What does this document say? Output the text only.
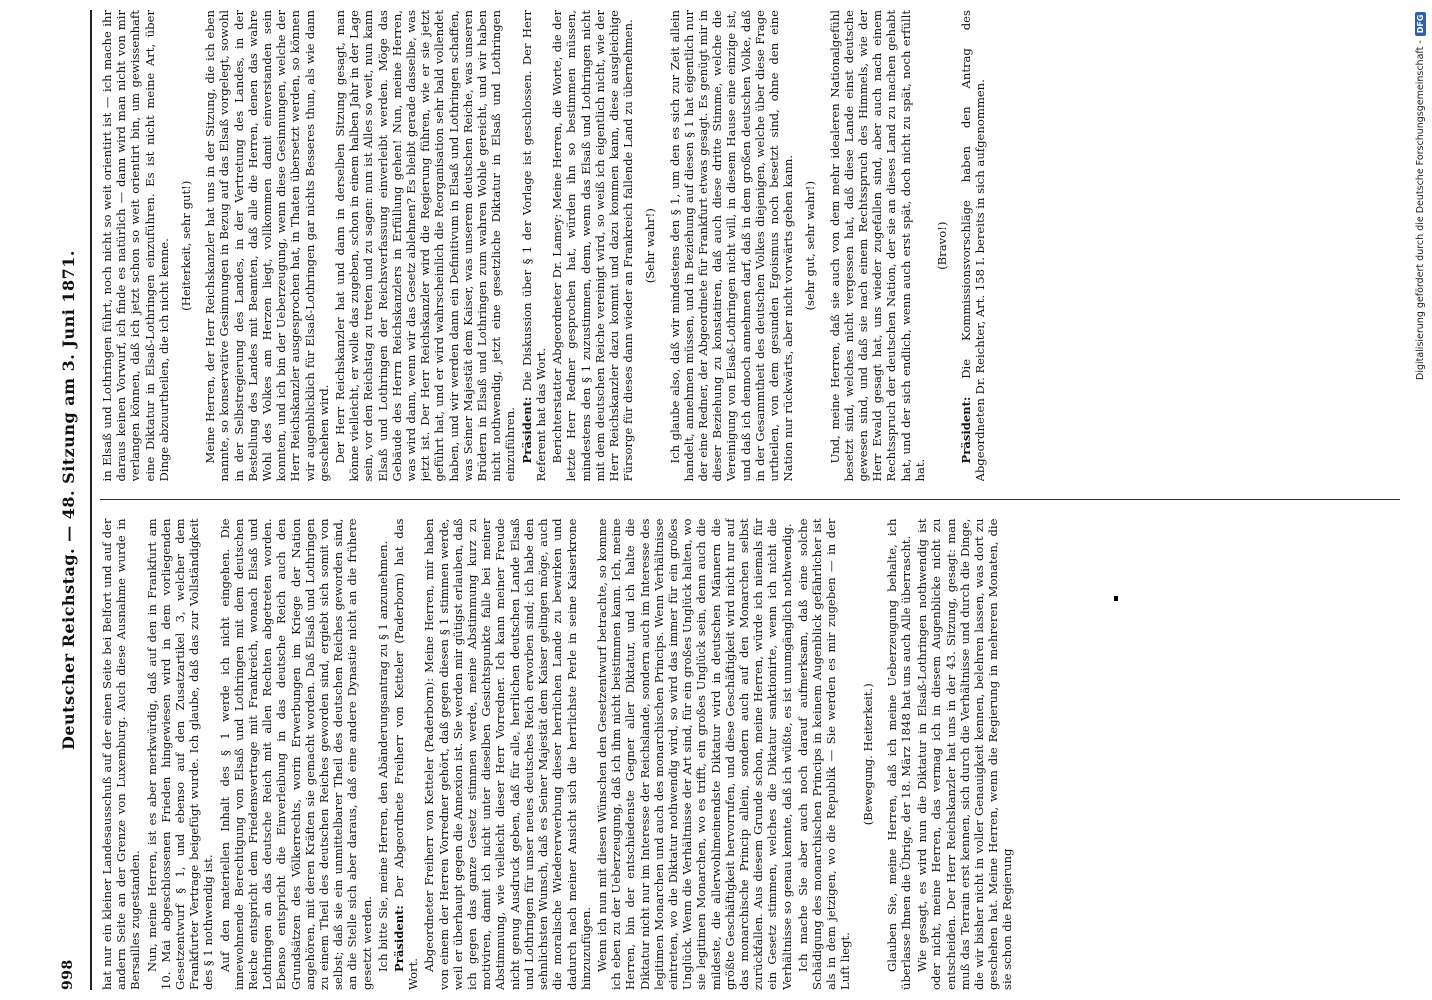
998
Deutscher Reichstag. — 48. Sitzung am 3. Juni 1871.

hat nur ein kleiner Landesausschuß auf der einen Seite bei Belfort und auf der andern Seite an der Grenze von Luxemburg. Auch diese Ausnahme wurde in Bersailles zugestanden. Nun, meine Herren, ist es aber merkwürdig, daß auf den in Frankfurt am 10. Mai abgeschlossenen Frieden hingewiesen wird in dem vorliegenden Gesetzentwurf § 1, und ebenso auf den Zusatzartikel 3, welcher dem Frankfurter Vertrage beigefügt wurde. Ich glaube, daß das zur Vollständigkeit des § 1 nothwendig ist. Auf den materiellen Inhalt des § 1 werde ich nicht eingehen. Die innewohnende Berechtigung von Elsaß und Lothringen mit dem deutschen Reiche entspricht dem Friedensvertrage mit Frankreich, wonach Elsaß und Lothringen an das deutsche Reich mit allen Rechten abgetreten worden. Ebenso entspricht die Einverleibung in das deutsche Reich auch den Grundsätzen des Völkerrechts, worin Erwerbungen im Kriege der Nation angehören, mit deren Kräften sie gemacht worden. Daß Elsaß und Lothringen zu einem Theil des deutschen Reiches geworden sind, ergiebt sich somit von selbst; daß sie ein unmittelbarer Theil des deutschen Reiches geworden sind, an die Stelle sich aber daraus, daß eine andere Dynastie nicht an die frühere gesetzt werden. Ich bitte Sie, meine Herren, den Abänderungsantrag zu § 1 anzunehmen. Präsident: Der Abgeordnete Freiherr von Ketteler (Paderborn) hat das Wort.

Abgeordneter Freiherr von Ketteler (Paderborn): Meine Herren, mir haben von einem der Herren Vorredner gehört, daß gegen diesen § 1 stimmen werde, weil er überhaupt gegen die Annexion ist. Sie werden mir gütigst erlauben, daß ich gegen das ganze Gesetz stimmen werde, meine Abstimmung kurz zu motiviren, damit ich nicht unter dieselben Gesichtspunkte falle bei meiner Abstimmung, wie vielleicht dieser Herr Vorredner. Ich kann meiner Freude nicht genug Ausdruck geben, daß für alle, herrlichen deutschen Lande Elsaß und Lothringen für unser neues deutsches Reich erworben sind; ich habe den sehnlichsten Wunsch, daß es Seiner Majestät dem Kaiser gelingen möge, auch die moralische Wiedererwerbung dieser herrlichen Lande zu bewirken und dadurch nach meiner Ansicht sich die herrlichste Perle in seine Kaiserkrone hinzuzufügen. Wenn ich nun mit diesen Wünschen den Gesetzentwurf betrachte, so komme ich eben zu der Ueberzeugung, daß ich ihm nicht beistimmen kann. Ich, meine Herren, bin der entschiedenste Gegner aller Diktatur, und ich halte die Diktatur nicht nur im Interesse der Reichslande, sondern auch im Interesse des legitimen Monarchen und auch des monarchischen Princips. Wenn Verhältnisse eintreten, wo die Diktatur nothwendig wird, so wird das immer für ein großes Unglück. Wenn die Verhältnisse der Art sind, für ein großes Unglück halten, wo sie legitimen Monarchen, wo es trifft, ein großes Unglück sein, denn auch die mildeste, die allerwohlmeinendste Diktatur wird in deutschen Männern die größte Geschäftigkeit hervorrufen, und diese Geschäftigkeit wird nicht nur auf das monarchische Princip allein, sondern auch auf den Monarchen selbst zurückfallen. Aus diesem Grunde schon, meine Herren, würde ich niemals für ein Gesetz stimmen, welches die Diktatur sanktionirte, wenn ich nicht die Verhältnisse so genau kennte, daß ich wüßte, es ist unumgänglich nothwendig. Ich mache Sie aber auch noch darauf aufmerksam, daß eine solche Schädigung des monarchischen Princips in keinem Augenblick gefährlicher ist als in dem jetzigen, wo die Republik — Sie werden es mir zugeben — in der Luft liegt.

(Bewegung. Heiterkeit.) Glauben Sie, meine Herren, daß ich meine Ueberzeugung behalte, ich überlasse Ihnen die Übrige, der 18. März 1848 hat uns auch Alle überrascht. Wie gesagt, es wird nun die Diktatur in Elsaß-Lothringen nothwendig ist oder nicht, meine Herren, das vermag ich in diesem Augenblicke nicht zu entscheiden. Der Herr Reichskanzler hat uns in der 43. Sitzung, gesagt: man muß das Terrain erst kennen, sich durch die Verhältnisse und durch die Dinge, die wir bisher nicht in voller Genauigkeit kennen, belehren lassen, was dort zu geschehen hat. Meine Herren, wenn die Regierung in mehreren Monaten, die sie schon die Regierung

in Elsaß und Lothringen führt, noch nicht so weit orientirt ist — ich mache ihr daraus keinen Vorwurf, ich finde es natürlich — dann wird man nicht von mir verlangen können, daß ich jetzt schon so weit orientirt bin, um gewissenhaft eine Diktatur in Elsaß-Lothringen einzuführen. Es ist nicht meine Art, über Dinge abzuurtheilen, die ich nicht kenne. (Heiterkeit, sehr gut!) Meine Herren, der Herr Reichskanzler hat uns in der Sitzung, die ich eben nannte, so konservative Gesinnungen in Bezug auf das Elsaß vorgelegt, sowohl in der Selbstregierung des Landes, in der Vertretung des Landes, in der Bestellung des Landes mit Beamten, daß alle die Herren, denen das wahre Wohl des Volkes am Herzen liegt, vollkommen damit einverstanden sein konnten, und ich bin der Ueberzeugung, wenn diese Gesinnungen, welche der Herr Reichskanzler ausgesprochen hat, in Thaten übersetzt werden, so können wir augenblicklich für Elsaß-Lothringen gar nichts Besseres thun, als wie dann geschehen wird. Der Herr Reichskanzler hat und dann in derselben Sitzung gesagt, man könne vielleicht, er wolle das zugeben, schon in einem halben Jahr in der Lage sein, vor den Reichstag zu treten und zu sagen: nun ist Alles so weit, nun kann Elsaß und Lothringen der Reichsverfassung einverleibt werden. Möge das Gebäude des Herrn Reichskanzlers in Erfüllung gehen! Nun, meine Herren, was wird dann, wenn wir das Gesetz ablehnen? Es bleibt gerade dasselbe, was jetzt ist. Der Herr Reichskanzler wird die Regierung führen, wie er sie jetzt geführt hat, und er wird wahrscheinlich die Reorganisation sehr bald vollendet haben, und wir werden dann ein Definitivum in Elsaß und Lothringen schaffen, was Seiner Majestät dem Kaiser, was unserem deutschen Reiche, was unseren Brüdern in Elsaß und Lothringen zum wahren Wohle gereicht, und wir haben nicht nothwendig, jetzt eine gesetzliche Diktatur in Elsaß und Lothringen einzuführen. Präsident: Die Diskussion über § 1 der Vorlage ist geschlossen. Der Herr Referent hat das Wort. Berichterstatter Abgeordneter Dr. Lamey: Meine Herren, die Worte, die der letzte Herr Redner gesprochen hat, würden ihn so bestimmen müssen, mindestens den § 1 zuzustimmen, denn, wenn das Elsaß und Lothringen nicht mit dem deutschen Reiche vereinigt wird, so weiß ich eigentlich nicht, wie der Herr Reichskanzler dazu kommt und dazu kommen kann, diese ausgleichige Fürsorge für dieses dann wieder an Frankreich fallende Land zu übernehmen. (Sehr wahr!) Ich glaube also, daß wir mindestens den § 1, um den es sich zur Zeit allein handelt, annehmen müssen, und in Beziehung auf diesen § 1 hat eigentlich nur der eine Redner, der Abgeordnete für Frankfurt etwas gesagt. Es genügt mir in dieser Beziehung zu konstatiren, daß auch diese dritte Stimme, welche die Vereinigung von Elsaß-Lothringen nicht will, in diesem Hause eine einzige ist, und daß ich dennoch annehmen darf, daß in dem großen deutschen Volke, daß in der Gesammtheit des deutschen Volkes diejenigen, welche über diese Frage urtheilen, von dem gesunden Egoismus noch besetzt sind, ohne den eine Nation nur rückwärts, aber nicht vorwärts gehen kann. (sehr gut, sehr wahr!) Und, meine Herren, daß sie auch von dem mehr idealeren Nationalgefühl besetzt sind, welches nicht vergessen hat, daß diese Lande einst deutsche gewesen sind, und daß sie nach einem Rechtsspruch des Himmels, wie der Herr Ewald gesagt hat, uns wieder zugefallen sind, aber auch nach einem Rechtsspruch der deutschen Nation, der sie an dieses Land zu machen gehabt hat, und der sich endlich, wenn auch erst spät, doch nicht zu spät, noch erfüllt hat.

(Bravo!)

Präsident: Die Kommissionsvorschläge haben den Antrag des Abgeordneten Dr. Reichter, Art. 158 I. bereits in sich aufgenommen.	Digitalisierung gefördert durch die Deutsche Forschungsgemeinschaft -
DFG
